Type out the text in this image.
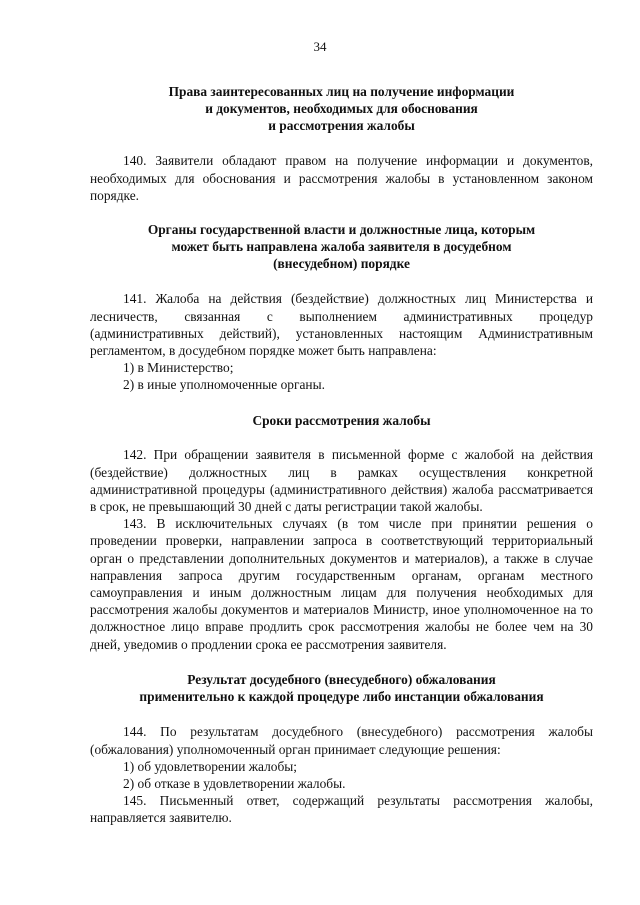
34
Права заинтересованных лиц на получение информации
и документов, необходимых для обоснования
и рассмотрения жалобы
140. Заявители обладают правом на получение информации и документов, необходимых для обоснования и рассмотрения жалобы в установленном законом порядке.
Органы государственной власти и должностные лица, которым
может быть направлена жалоба заявителя в досудебном
(внесудебном) порядке
141. Жалоба на действия (бездействие) должностных лиц Министерства и лесничеств, связанная с выполнением административных процедур (административных действий), установленных настоящим Административным регламентом, в досудебном порядке может быть направлена:
1) в Министерство;
2) в иные уполномоченные органы.
Сроки рассмотрения жалобы
142. При обращении заявителя в письменной форме с жалобой на действия (бездействие) должностных лиц в рамках осуществления конкретной административной процедуры (административного действия) жалоба рассматривается в срок, не превышающий 30 дней с даты регистрации такой жалобы.
143. В исключительных случаях (в том числе при принятии решения о проведении проверки, направлении запроса в соответствующий территориальный орган о представлении дополнительных документов и материалов), а также в случае направления запроса другим государственным органам, органам местного самоуправления и иным должностным лицам для получения необходимых для рассмотрения жалобы документов и материалов Министр, иное уполномоченное на то должностное лицо вправе продлить срок рассмотрения жалобы не более чем на 30 дней, уведомив о продлении срока ее рассмотрения заявителя.
Результат досудебного (внесудебного) обжалования
применительно к каждой процедуре либо инстанции обжалования
144. По результатам досудебного (внесудебного) рассмотрения жалобы (обжалования) уполномоченный орган принимает следующие решения:
1) об удовлетворении жалобы;
2) об отказе в удовлетворении жалобы.
145. Письменный ответ, содержащий результаты рассмотрения жалобы, направляется заявителю.
